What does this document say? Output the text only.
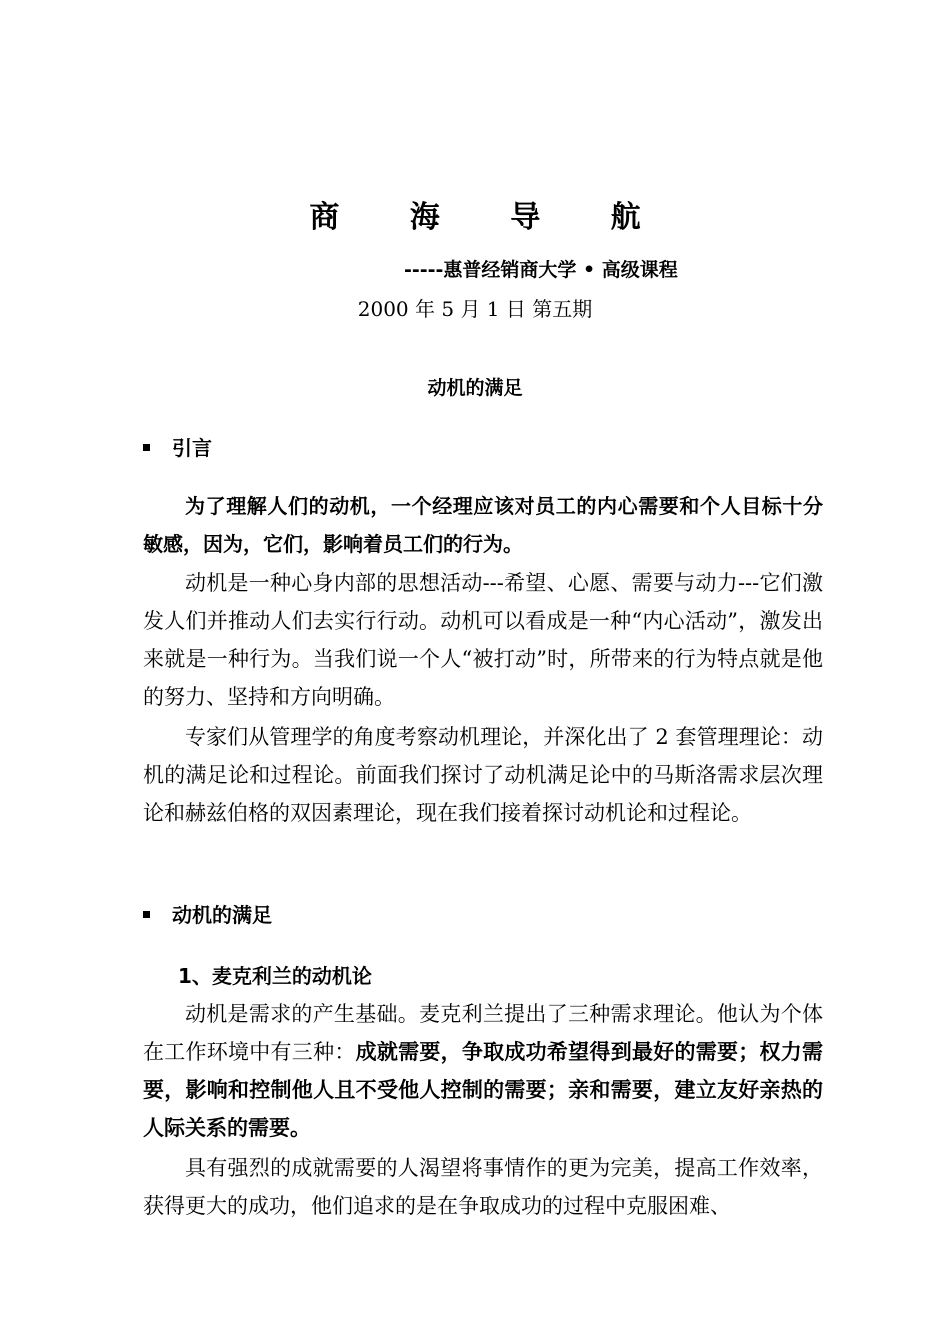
商 海 导 航
-----惠普经销商大学 • 高级课程
2000 年 5 月 1 日 第五期
动机的满足
引言
为了理解人们的动机，一个经理应该对员工的内心需要和个人目标十分敏感，因为，它们，影响着员工们的行为。
动机是一种心身内部的思想活动---希望、心愿、需要与动力---它们激发人们并推动人们去实行行动。动机可以看成是一种“内心活动”，激发出来就是一种行为。当我们说一个人“被打动”时，所带来的行为特点就是他的努力、坚持和方向明确。
专家们从管理学的角度考察动机理论，并深化出了 2 套管理理论：动机的满足论和过程论。前面我们探讨了动机满足论中的马斯洛需求层次理论和赫兹伯格的双因素理论，现在我们接着探讨动机论和过程论。
动机的满足
1、麦克利兰的动机论
动机是需求的产生基础。麦克利兰提出了三种需求理论。他认为个体在工作环境中有三种：成就需要，争取成功希望得到最好的需要；权力需要，影响和控制他人且不受他人控制的需要；亲和需要，建立友好亲热的人际关系的需要。
具有强烈的成就需要的人渴望将事情作的更为完美，提高工作效率，获得更大的成功，他们追求的是在争取成功的过程中克服困难、
